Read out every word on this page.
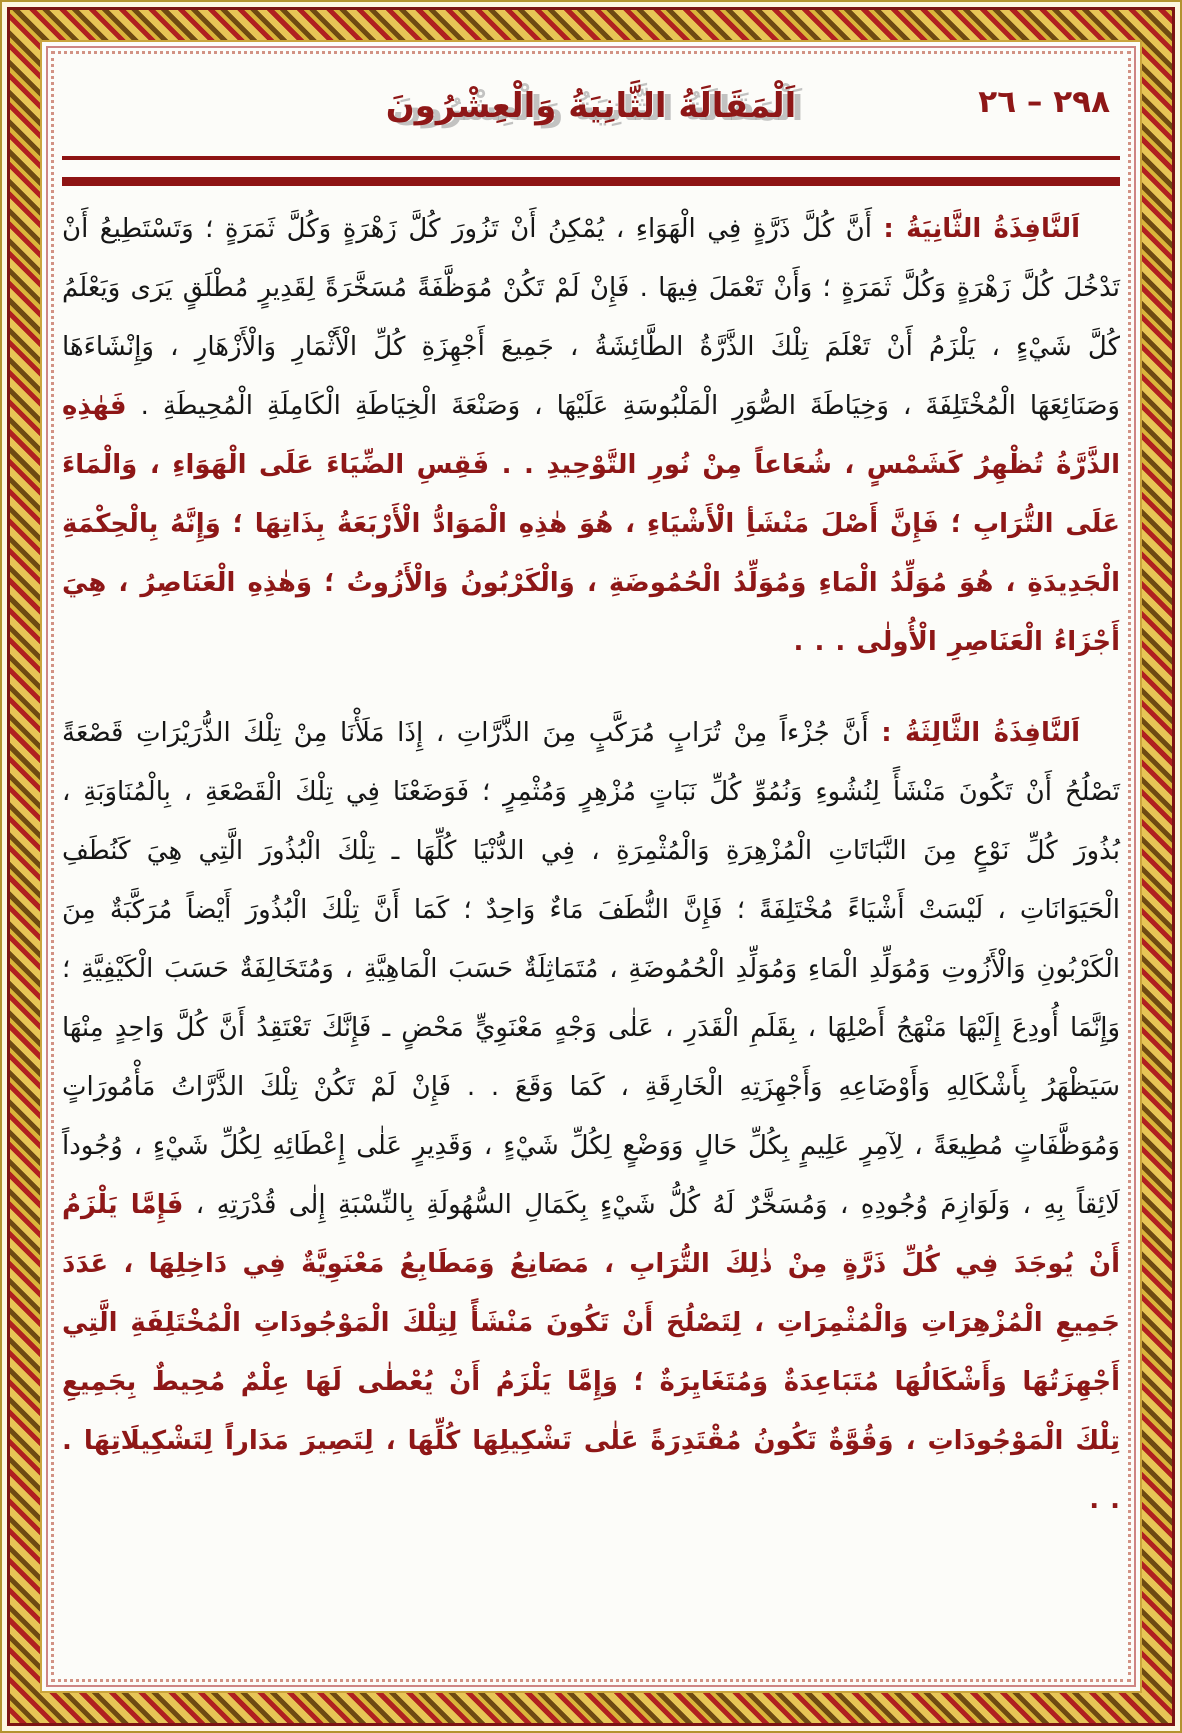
٢٩٨ – ٢٦
اَلْمَقَالَةُ الثَّانِيَةُ وَالْعِشْرُونَ

اَلنَّافِذَةُ الثَّانِيَةُ : أَنَّ كُلَّ ذَرَّةٍ فِي الْهَوَاءِ ، يُمْكِنُ أَنْ تَزُورَ كُلَّ زَهْرَةٍ وَكُلَّ ثَمَرَةٍ ؛ وَتَسْتَطِيعُ أَنْ تَدْخُلَ كُلَّ زَهْرَةٍ وَكُلَّ ثَمَرَةٍ ؛ وَأَنْ تَعْمَلَ فِيهَا . فَإِنْ لَمْ تَكُنْ مُوَظَّفَةً مُسَخَّرَةً لِقَدِيرٍ مُطْلَقٍ يَرَى وَيَعْلَمُ كُلَّ شَيْءٍ ، يَلْزَمُ أَنْ تَعْلَمَ تِلْكَ الذَّرَّةُ الطَّائِشَةُ ، جَمِيعَ أَجْهِزَةِ كُلِّ الْأَثْمَارِ وَالْأَزْهَارِ ، وَإِنْشَاءَهَا وَصَنَائِعَهَا الْمُخْتَلِفَةَ ، وَخِيَاطَةَ الصُّوَرِ الْمَلْبُوسَةِ عَلَيْهَا ، وَصَنْعَةَ الْخِيَاطَةِ الْكَامِلَةِ الْمُحِيطَةِ . فَهٰذِهِ الذَّرَّةُ تُظْهِرُ كَشَمْسٍ ، شُعَاعاً مِنْ نُورِ التَّوْحِيدِ . . فَقِسِ الضِّيَاءَ عَلَى الْهَوَاءِ ، وَالْمَاءَ عَلَى التُّرَابِ ؛ فَإِنَّ أَصْلَ مَنْشَأِ الْأَشْيَاءِ ، هُوَ هٰذِهِ الْمَوَادُّ الْأَرْبَعَةُ بِذَاتِهَا ؛ وَإِنَّهُ بِالْحِكْمَةِ الْجَدِيدَةِ ، هُوَ مُوَلِّدُ الْمَاءِ وَمُوَلِّدُ الْحُمُوضَةِ ، وَالْكَرْبُونُ وَالْأَزُوتُ ؛ وَهٰذِهِ الْعَنَاصِرُ ، هِيَ أَجْزَاءُ الْعَنَاصِرِ الْأُولٰى . . .

اَلنَّافِذَةُ الثَّالِثَةُ : أَنَّ جُزْءاً مِنْ تُرَابٍ مُرَكَّبٍ مِنَ الذَّرَّاتِ ، إِذَا مَلَأْنَا مِنْ تِلْكَ الذُّرَيْرَاتِ قَصْعَةً تَصْلُحُ أَنْ تَكُونَ مَنْشَأً لِنُشُوءِ وَنُمُوِّ كُلِّ نَبَاتٍ مُزْهِرٍ وَمُثْمِرٍ ؛ فَوَضَعْنَا فِي تِلْكَ الْقَصْعَةِ ، بِالْمُنَاوَبَةِ ، بُذُورَ كُلِّ نَوْعٍ مِنَ النَّبَاتَاتِ الْمُزْهِرَةِ وَالْمُثْمِرَةِ ، فِي الدُّنْيَا كُلِّهَا ـ تِلْكَ الْبُذُورَ الَّتِي هِيَ كَنُطَفِ الْحَيَوَانَاتِ ، لَيْسَتْ أَشْيَاءً مُخْتَلِفَةً ؛ فَإِنَّ النُّطَفَ مَاءٌ وَاحِدٌ ؛ كَمَا أَنَّ تِلْكَ الْبُذُورَ أَيْضاً مُرَكَّبَةٌ مِنَ الْكَرْبُونِ وَالْأَزُوتِ وَمُوَلِّدِ الْمَاءِ وَمُوَلِّدِ الْحُمُوضَةِ ، مُتَمَاثِلَةٌ حَسَبَ الْمَاهِيَّةِ ، وَمُتَخَالِفَةٌ حَسَبَ الْكَيْفِيَّةِ ؛ وَإِنَّمَا أُودِعَ إِلَيْهَا مَنْهَجُ أَصْلِهَا ، بِقَلَمِ الْقَدَرِ ، عَلٰى وَجْهٍ مَعْنَوِيٍّ مَحْضٍ ـ فَإِنَّكَ تَعْتَقِدُ أَنَّ كُلَّ وَاحِدٍ مِنْهَا سَيَظْهَرُ بِأَشْكَالِهِ وَأَوْضَاعِهِ وَأَجْهِزَتِهِ الْخَارِقَةِ ، كَمَا وَقَعَ . . فَإِنْ لَمْ تَكُنْ تِلْكَ الذَّرَّاتُ مَأْمُورَاتٍ وَمُوَظَّفَاتٍ مُطِيعَةً ، لِآمِرٍ عَلِيمٍ بِكُلِّ حَالٍ وَوَضْعٍ لِكُلِّ شَيْءٍ ، وَقَدِيرٍ عَلٰى إِعْطَائِهِ لِكُلِّ شَيْءٍ ، وُجُوداً لَائِقاً بِهِ ، وَلَوَازِمَ وُجُودِهِ ، وَمُسَخَّرٌ لَهُ كُلُّ شَيْءٍ بِكَمَالِ السُّهُولَةِ بِالنِّسْبَةِ إِلٰى قُدْرَتِهِ ، فَإِمَّا يَلْزَمُ أَنْ يُوجَدَ فِي كُلِّ ذَرَّةٍ مِنْ ذٰلِكَ التُّرَابِ ، مَصَانِعُ وَمَطَابِعُ مَعْنَوِيَّةٌ فِي دَاخِلِهَا ، عَدَدَ جَمِيعِ الْمُزْهِرَاتِ وَالْمُثْمِرَاتِ ، لِتَصْلُحَ أَنْ تَكُونَ مَنْشَأً لِتِلْكَ الْمَوْجُودَاتِ الْمُخْتَلِفَةِ الَّتِي أَجْهِزَتُهَا وَأَشْكَالُهَا مُتَبَاعِدَةٌ وَمُتَغَايِرَةٌ ؛ وَإِمَّا يَلْزَمُ أَنْ يُعْطٰى لَهَا عِلْمٌ مُحِيطٌ بِجَمِيعِ تِلْكَ الْمَوْجُودَاتِ ، وَقُوَّةٌ تَكُونُ مُقْتَدِرَةً عَلٰى تَشْكِيلِهَا كُلِّهَا ، لِتَصِيرَ مَدَاراً لِتَشْكِيلَاتِهَا . . .
